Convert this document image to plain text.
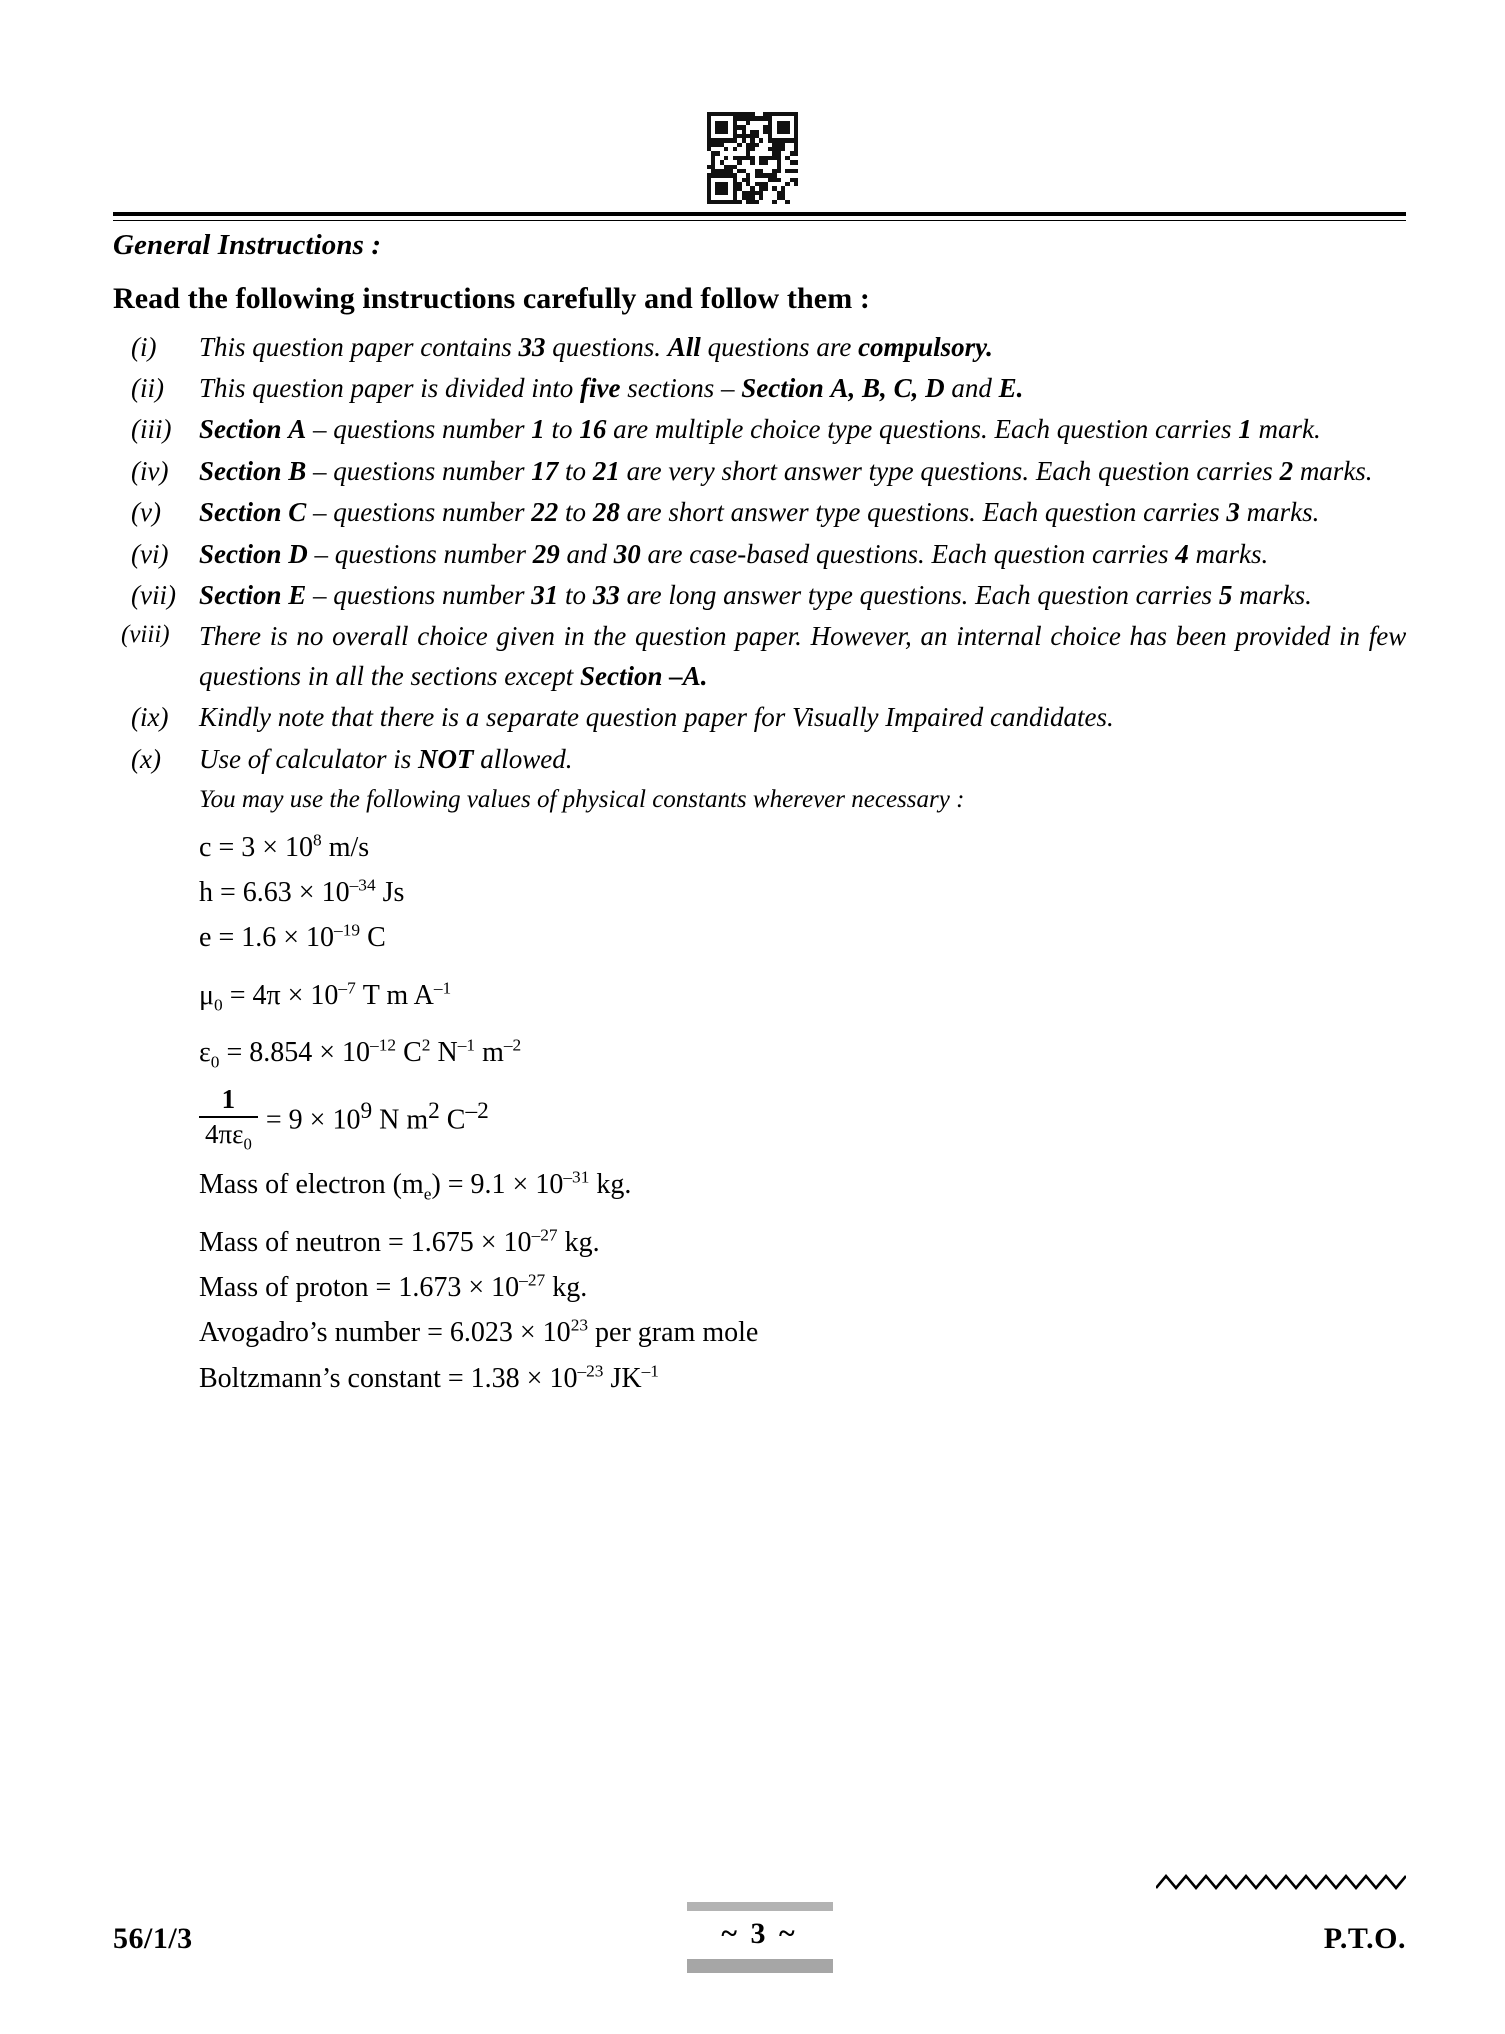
General Instructions :
Read the following instructions carefully and follow them :
(i)	This question paper contains 33 questions. All questions are compulsory.
(ii)	This question paper is divided into five sections – Section A, B, C, D and E.
(iii)	Section A – questions number 1 to 16 are multiple choice type questions. Each question carries 1 mark.
(iv)	Section B – questions number 17 to 21 are very short answer type questions. Each question carries 2 marks.
(v)	Section C – questions number 22 to 28 are short answer type questions. Each question carries 3 marks.
(vi)	Section D – questions number 29 and 30 are case-based questions. Each question carries 4 marks.
(vii) Section E – questions number 31 to 33 are long answer type questions. Each question carries 5 marks.
(viii)	There is no overall choice given in the question paper. However, an internal choice has been provided in few questions in all the sections except Section –A.
(ix)	Kindly note that there is a separate question paper for Visually Impaired candidates.
(x)	Use of calculator is NOT allowed.
You may use the following values of physical constants wherever necessary :
$c = 3 \times 10^8$ m/s
$h = 6.63 \times 10^{-34}$ Js
$e = 1.6 \times 10^{-19}$ C
$\mu_0 = 4\pi \times 10^{-7}$ T m $A^{-1}$
$\varepsilon_0 = 8.854 \times 10^{-12}$ $C^2$ $N^{-1}$ $m^{-2}$
$\frac{1}{4\pi\varepsilon_0} = 9 \times 10^9$ N $m^2$ $C^{-2}$
Mass of electron $(m_e) = 9.1 \times 10^{-31}$ kg.
Mass of neutron = $1.675 \times 10^{-27}$ kg.
Mass of proton = $1.673 \times 10^{-27}$ kg.
Avogadro’s number = $6.023 \times 10^{23}$ per gram mole
Boltzmann’s constant = $1.38 \times 10^{-23}$ $JK^{-1}$
56/1/3	~ 3 ~	P.T.O.
